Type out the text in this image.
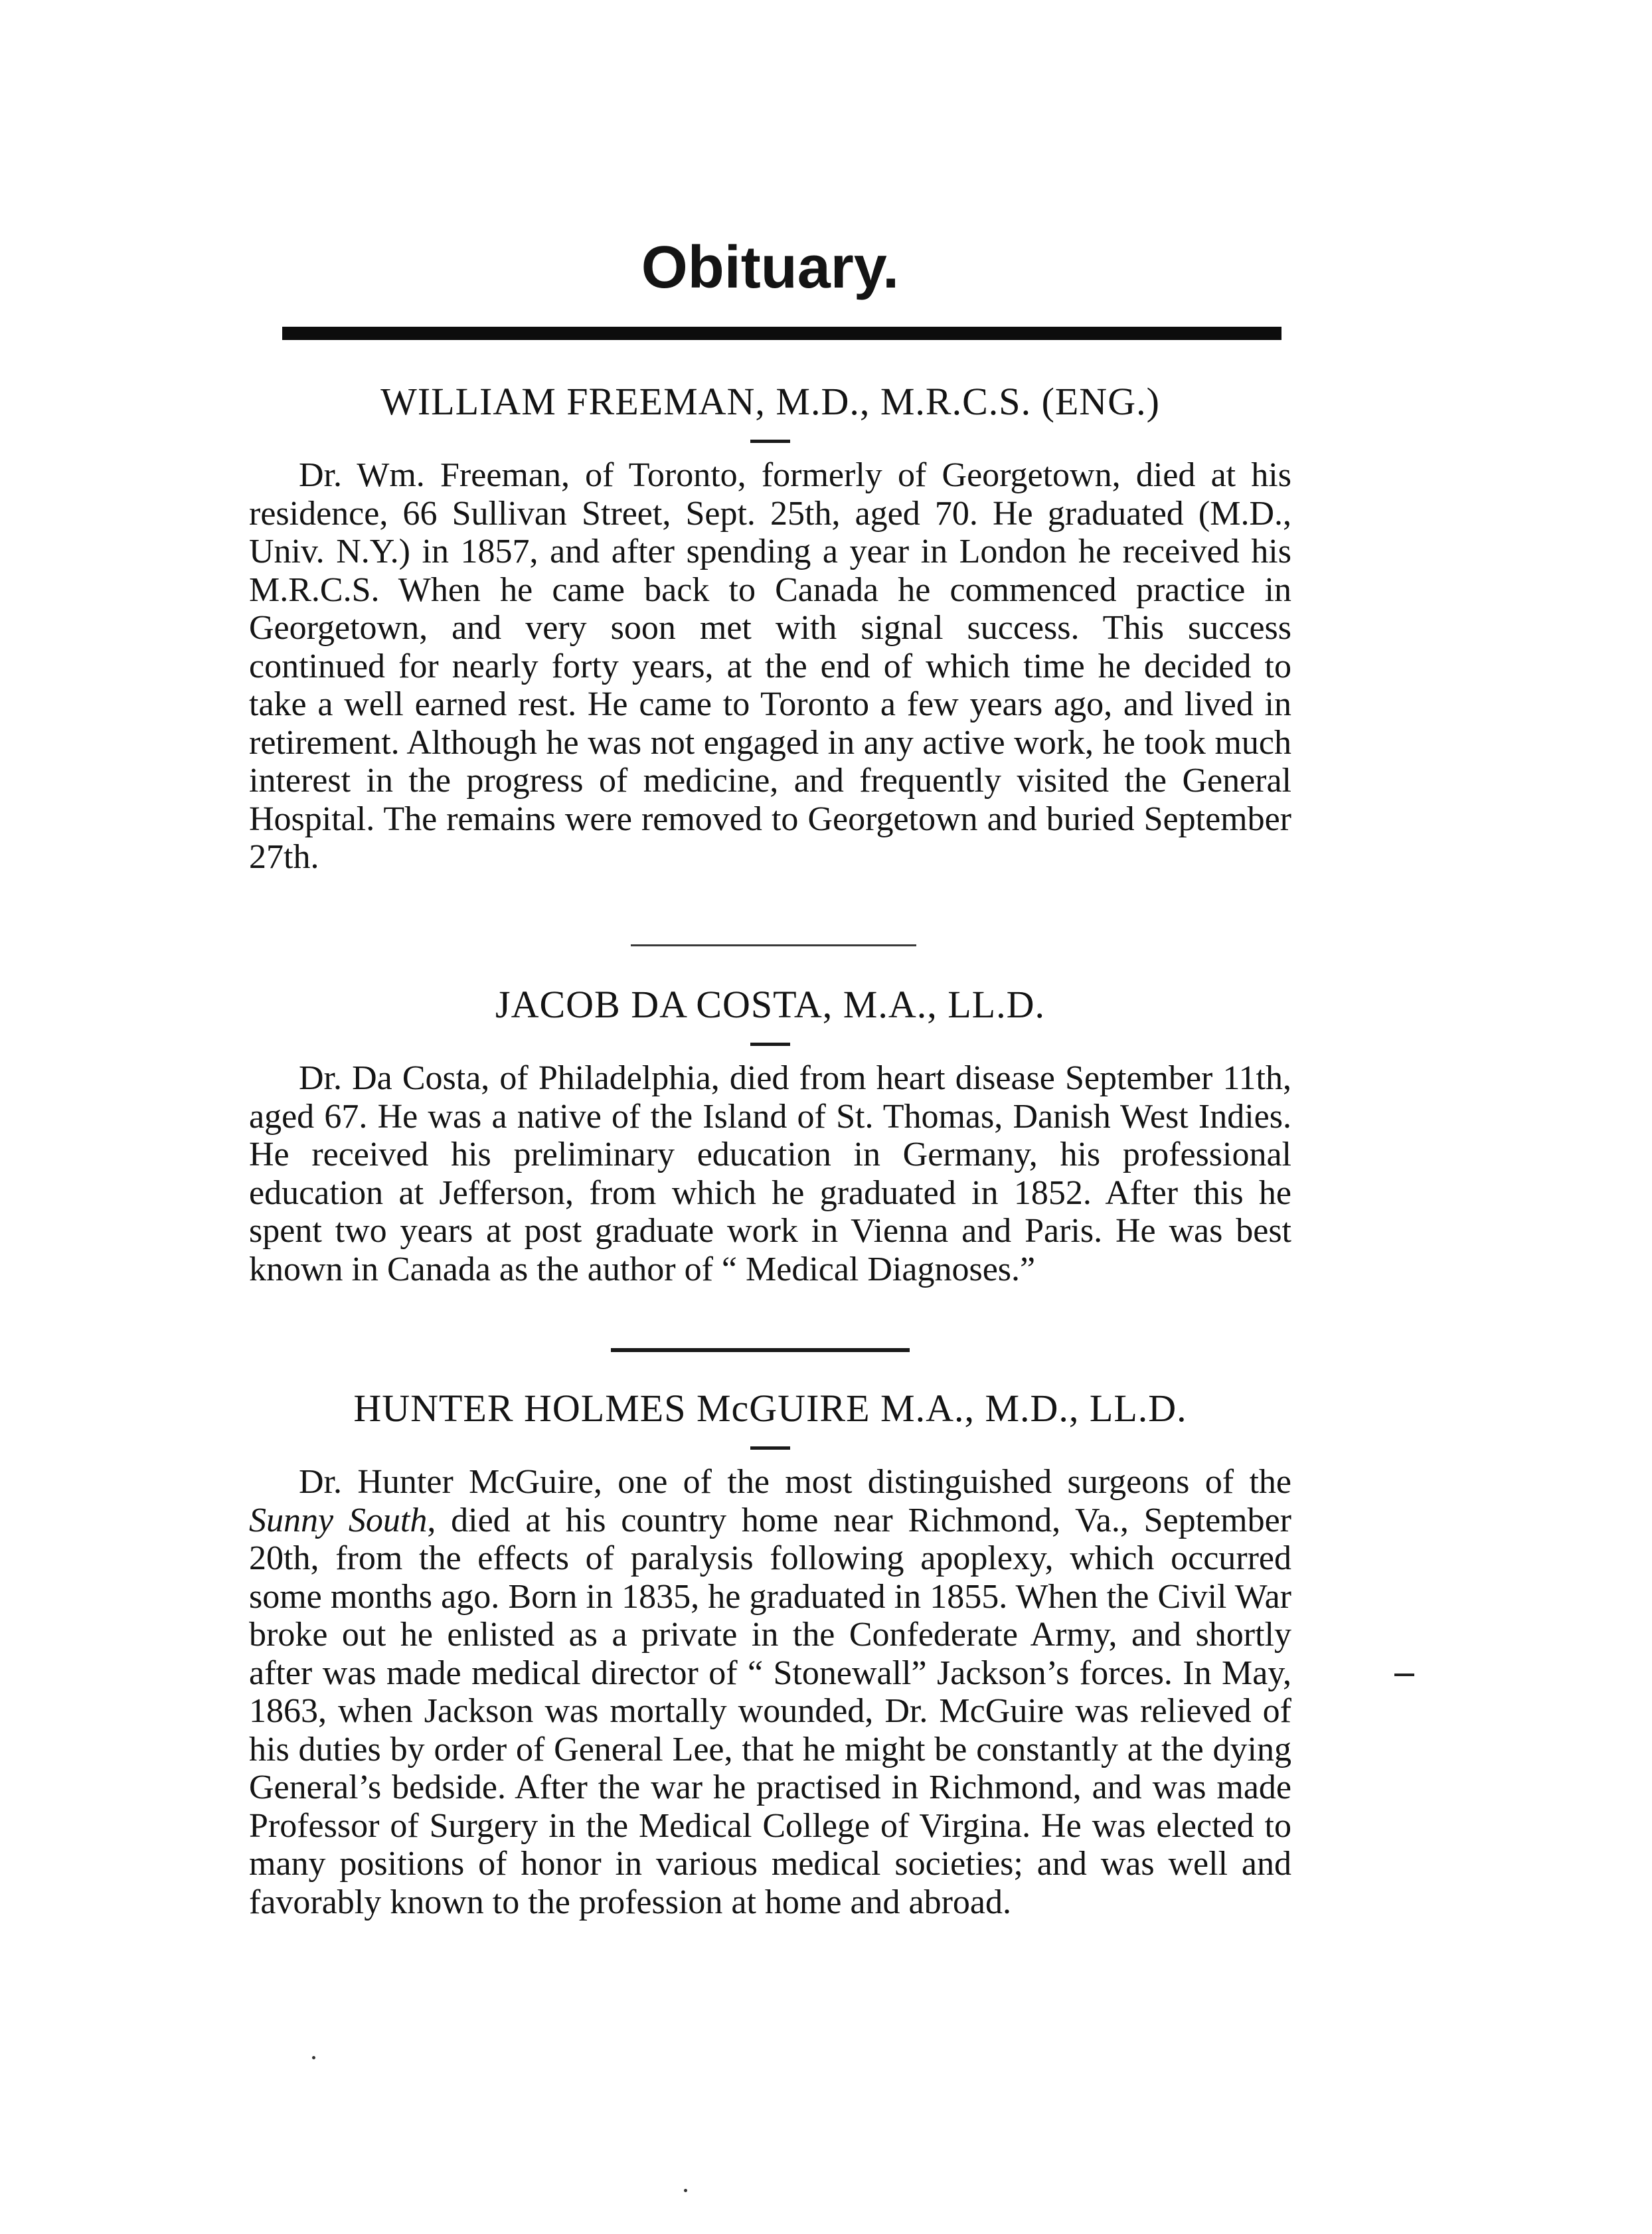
Obituary.
WILLIAM FREEMAN, M.D., M.R.C.S. (ENG.)

Dr. Wm. Freeman, of Toronto, formerly of Georgetown, died at his residence, 66 Sullivan Street, Sept. 25th, aged 70. He graduated (M.D., Univ. N.Y.) in 1857, and after spending a year in London he received his M.R.C.S. When he came back to Canada he commenced practice in Georgetown, and very soon met with signal success. This success continued for nearly forty years, at the end of which time he decided to take a well earned rest. He came to Toronto a few years ago, and lived in retirement. Although he was not engaged in any active work, he took much interest in the progress of medicine, and frequently visited the General Hospital. The remains were removed to Georgetown and buried September 27th.

JACOB DA COSTA, M.A., LL.D.

Dr. Da Costa, of Philadelphia, died from heart disease September 11th, aged 67. He was a native of the Island of St. Thomas, Danish West Indies. He received his preliminary education in Germany, his professional education at Jefferson, from which he graduated in 1852. After this he spent two years at post graduate work in Vienna and Paris. He was best known in Canada as the author of “ Medical Diagnoses.”

HUNTER HOLMES McGUIRE M.A., M.D., LL.D.

Dr. Hunter McGuire, one of the most distinguished surgeons of the Sunny South, died at his country home near Richmond, Va., September 20th, from the effects of paralysis following apoplexy, which occurred some months ago. Born in 1835, he graduated in 1855. When the Civil War broke out he enlisted as a private in the Confederate Army, and shortly after was made medical director of “ Stonewall” Jackson’s forces. In May, 1863, when Jackson was mortally wounded, Dr. McGuire was relieved of his duties by order of General Lee, that he might be constantly at the dying General’s bedside. After the war he practised in Richmond, and was made Professor of Surgery in the Medical College of Virgina. He was elected to many positions of honor in various medical societies; and was well and favorably known to the profession at home and abroad.
